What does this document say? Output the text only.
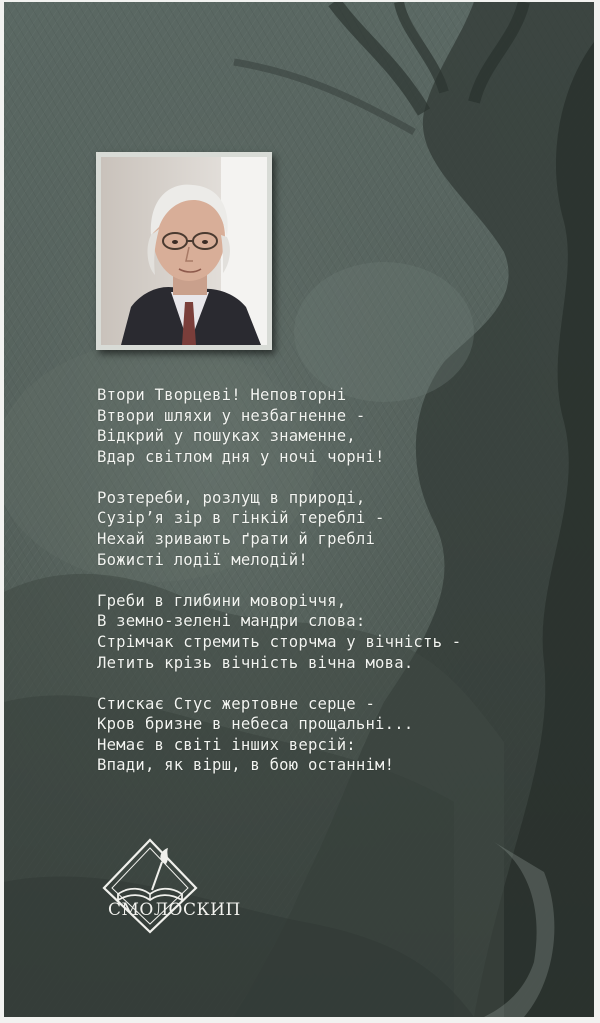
Втори Творцеві! Неповторні
Втвори шляхи у незбагненне -
Відкрий у пошуках знаменне,
Вдар світлом дня у ночі чорні!
Розтереби, розлущ в природі,
Сузір’я зір в гінкій тереблі -
Нехай зривають ґрати й греблі
Божисті лодії мелодій!
Греби в глибини моворіччя,
В земно-зелені мандри слова:
Стрімчак стремить сторчма у вічність -
Летить крізь вічність вічна мова.
Стискає Стус жертовне серце -
Кров бризне в небеса прощальні...
Немає в світі інших версій:
Впади, як вірш, в бою останнім!
СМОЛОСКИП
